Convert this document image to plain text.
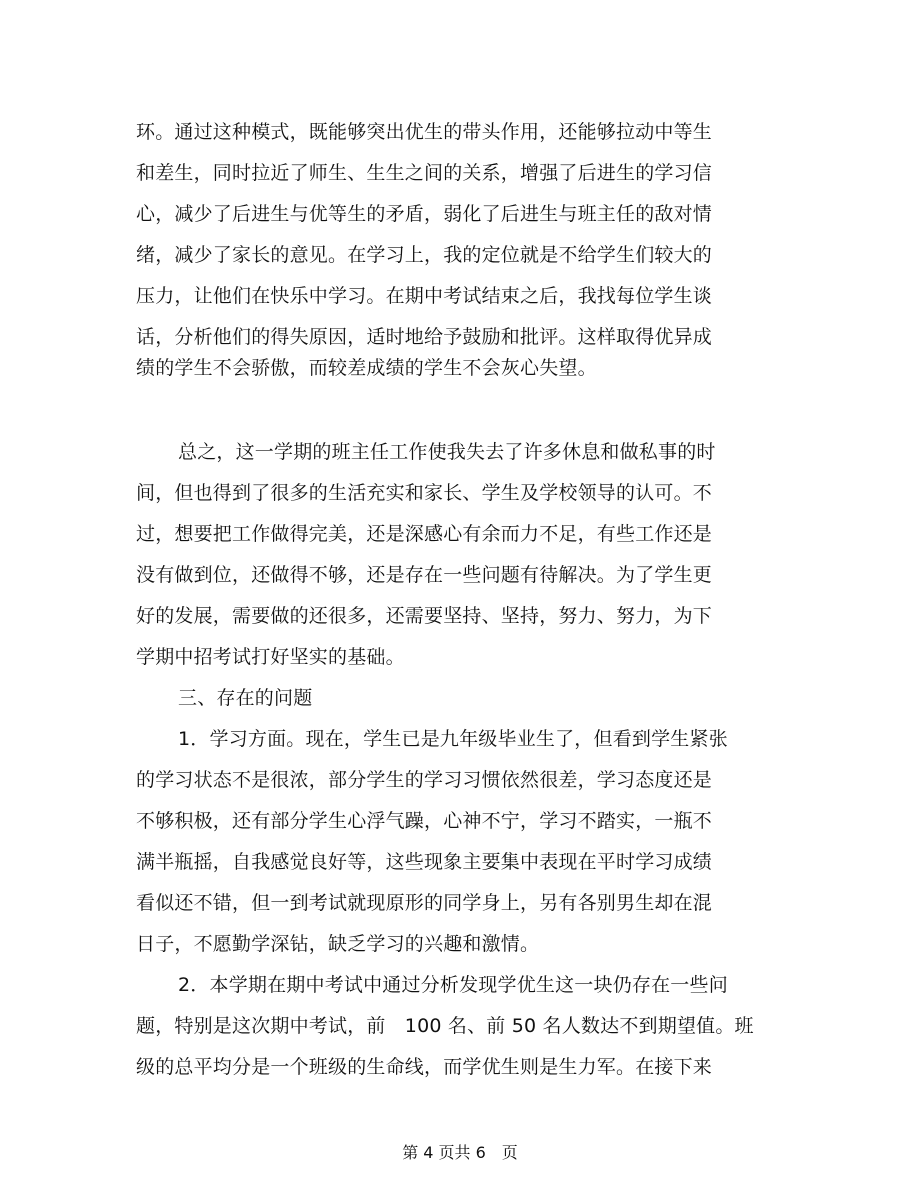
环。通过这种模式，既能够突出优生的带头作用，还能够拉动中等生
和差生，同时拉近了师生、生生之间的关系，增强了后进生的学习信
心，减少了后进生与优等生的矛盾，弱化了后进生与班主任的敌对情
绪，减少了家长的意见。在学习上，我的定位就是不给学生们较大的
压力，让他们在快乐中学习。在期中考试结束之后，我找每位学生谈
话，分析他们的得失原因，适时地给予鼓励和批评。这样取得优异成
绩的学生不会骄傲，而较差成绩的学生不会灰心失望。
总之，这一学期的班主任工作使我失去了许多休息和做私事的时
间，但也得到了很多的生活充实和家长、学生及学校领导的认可。不
过，想要把工作做得完美，还是深感心有余而力不足，有些工作还是
没有做到位，还做得不够，还是存在一些问题有待解决。为了学生更
好的发展，需要做的还很多，还需要坚持、坚持，努力、努力，为下
学期中招考试打好坚实的基础。
三、存在的问题
1．学习方面。现在，学生已是九年级毕业生了，但看到学生紧张
的学习状态不是很浓，部分学生的学习习惯依然很差，学习态度还是
不够积极，还有部分学生心浮气躁，心神不宁，学习不踏实，一瓶不
满半瓶摇，自我感觉良好等，这些现象主要集中表现在平时学习成绩
看似还不错，但一到考试就现原形的同学身上，另有各别男生却在混
日子，不愿勤学深钻，缺乏学习的兴趣和激情。
2．本学期在期中考试中通过分析发现学优生这一块仍存在一些问
题，特别是这次期中考试，前　100 名、前 50 名人数达不到期望值。班
级的总平均分是一个班级的生命线，而学优生则是生力军。在接下来
第 4 页共 6　页
